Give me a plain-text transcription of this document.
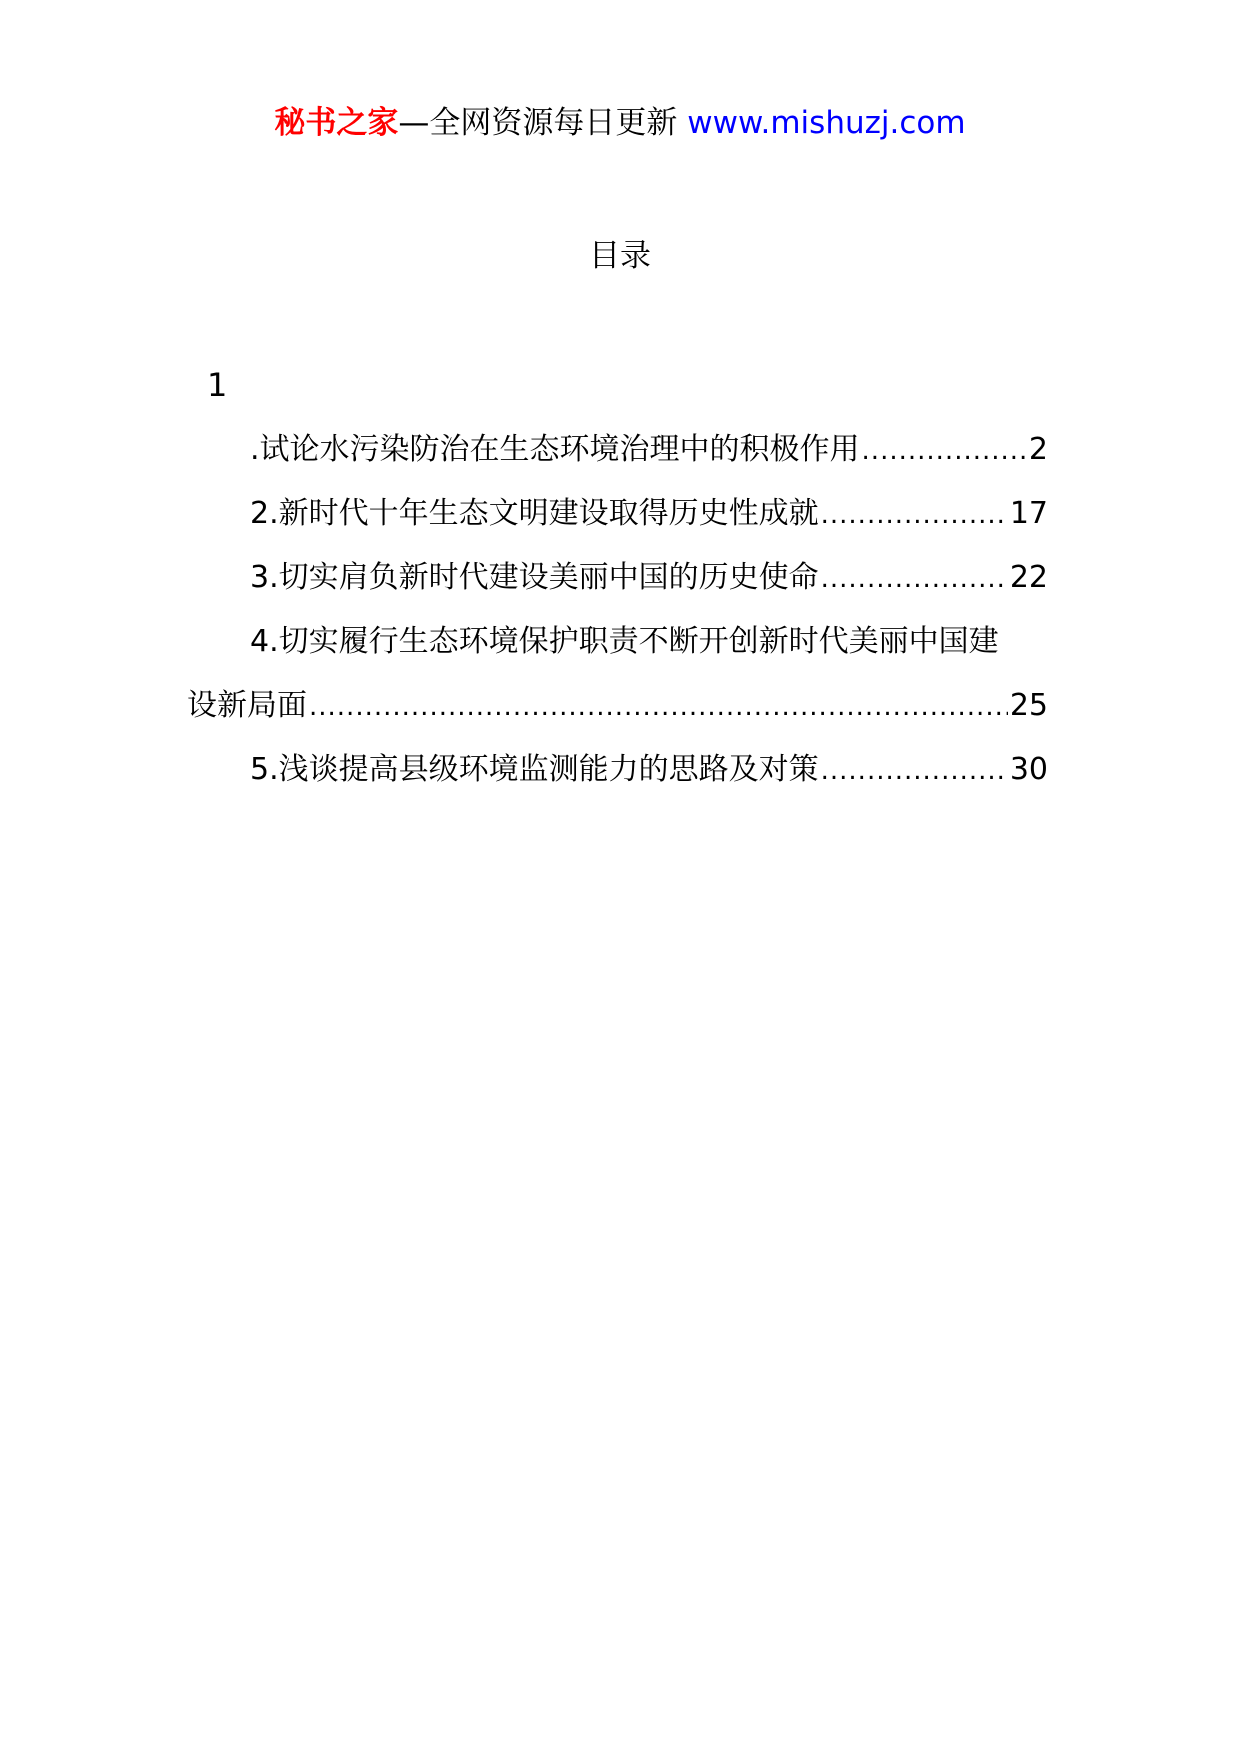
秘书之家—全网资源每日更新 www.mishuzj.com
目录
1
.试论水污染防治在生态环境治理中的积极作用 .....	2
2.新时代十年生态文明建设取得历史性成就 .....	17
3.切实肩负新时代建设美丽中国的历史使命 .....	22
4.切实履行生态环境保护职责不断开创新时代美丽中国建
设新局面 .....	25
5.浅谈提高县级环境监测能力的思路及对策 .....	30
